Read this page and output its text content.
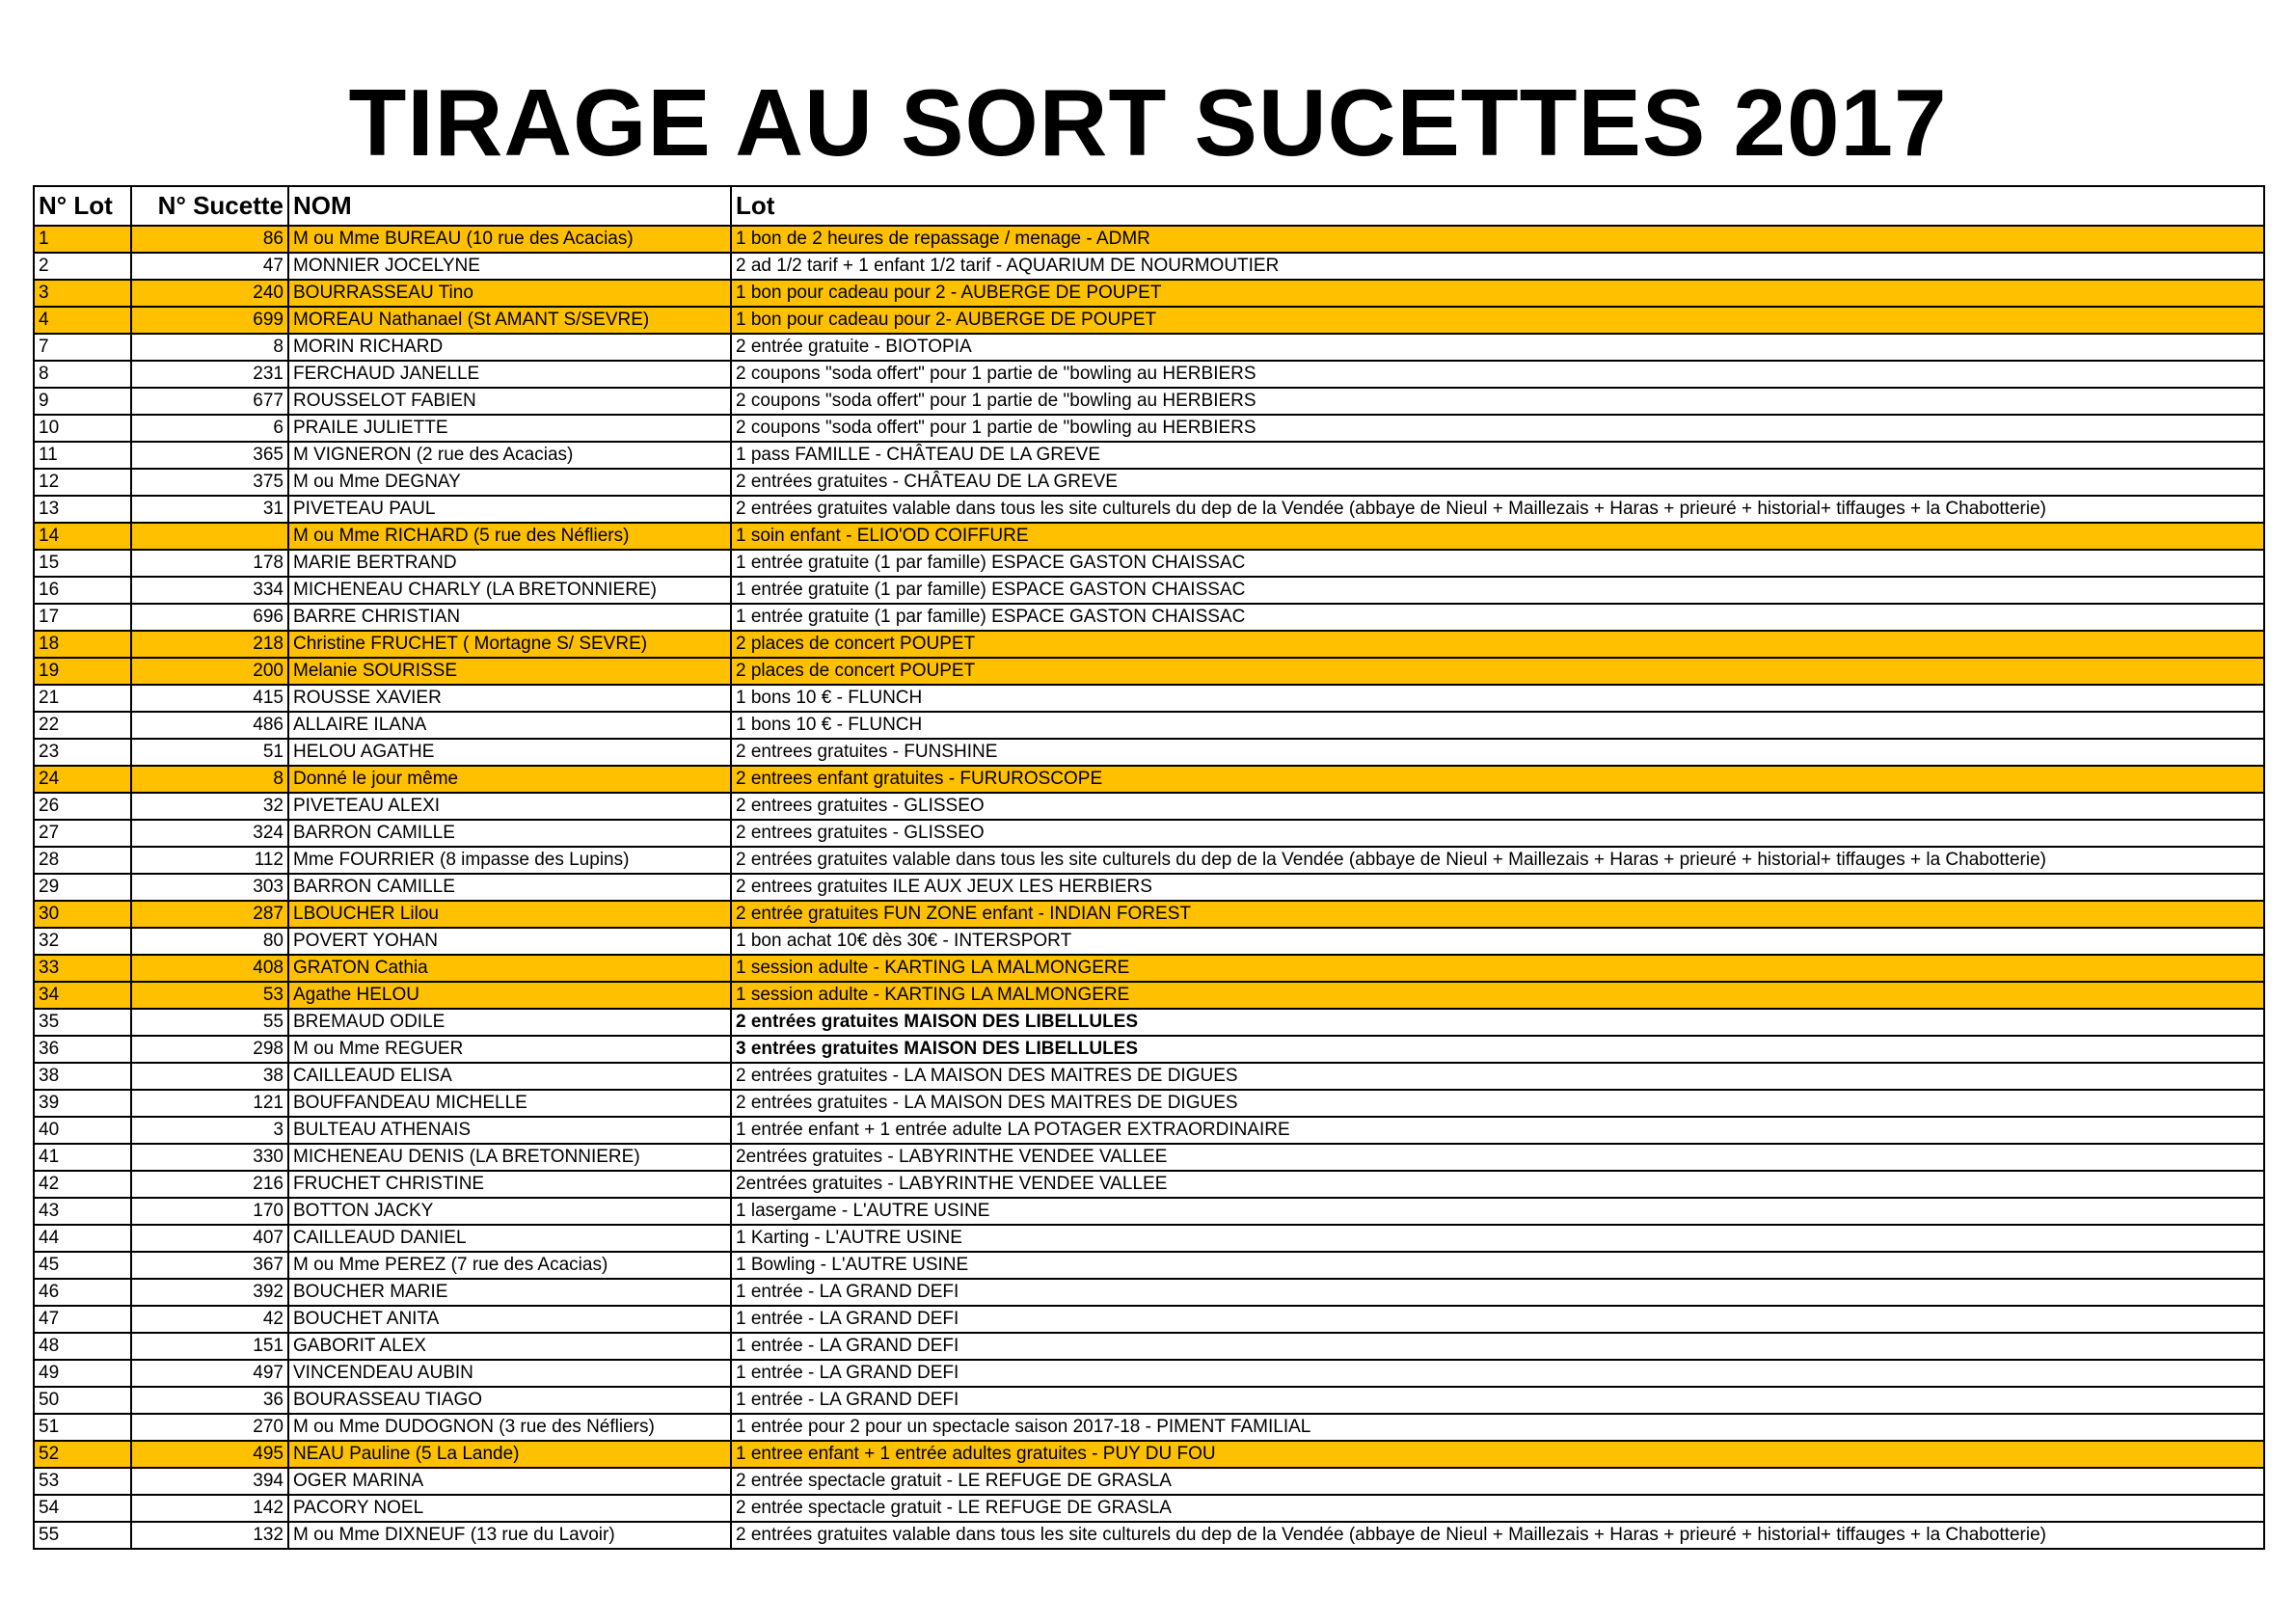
TIRAGE AU SORT SUCETTES 2017
N° Lot	N° Sucette	NOM	Lot
1	86	M ou Mme BUREAU (10 rue des Acacias)	1 bon de 2 heures de repassage / menage - ADMR
2	47	MONNIER JOCELYNE	2 ad 1/2 tarif + 1 enfant 1/2 tarif - AQUARIUM DE NOURMOUTIER
3	240	BOURRASSEAU Tino	1 bon pour cadeau pour 2 - AUBERGE DE POUPET
4	699	MOREAU Nathanael (St AMANT S/SEVRE)	1 bon pour cadeau pour 2- AUBERGE DE POUPET
7	8	MORIN RICHARD	2 entrée gratuite - BIOTOPIA
8	231	FERCHAUD JANELLE	2 coupons "soda offert" pour 1 partie de "bowling au HERBIERS
9	677	ROUSSELOT FABIEN	2 coupons "soda offert" pour 1 partie de "bowling au HERBIERS
10	6	PRAILE JULIETTE	2 coupons "soda offert" pour 1 partie de "bowling au HERBIERS
11	365	M VIGNERON (2 rue des Acacias)	1 pass FAMILLE - CHÂTEAU DE LA GREVE
12	375	M ou Mme DEGNAY	2 entrées gratuites - CHÂTEAU DE LA GREVE
13	31	PIVETEAU PAUL	2 entrées gratuites valable dans tous les site culturels du dep de la Vendée (abbaye de Nieul + Maillezais + Haras + prieuré + historial+ tiffauges + la Chabotterie)
14		M ou Mme RICHARD (5 rue des Néfliers)	1 soin enfant - ELIO'OD COIFFURE
15	178	MARIE BERTRAND	1 entrée gratuite (1 par famille) ESPACE GASTON CHAISSAC
16	334	MICHENEAU CHARLY (LA BRETONNIERE)	1 entrée gratuite (1 par famille) ESPACE GASTON CHAISSAC
17	696	BARRE CHRISTIAN	1 entrée gratuite (1 par famille) ESPACE GASTON CHAISSAC
18	218	Christine FRUCHET ( Mortagne S/ SEVRE)	2 places de concert POUPET
19	200	Melanie SOURISSE	2 places de concert POUPET
21	415	ROUSSE XAVIER	1 bons 10 € - FLUNCH
22	486	ALLAIRE ILANA	1 bons 10 € - FLUNCH
23	51	HELOU AGATHE	2 entrees gratuites - FUNSHINE
24	8	Donné le jour même	2 entrees enfant gratuites - FURUROSCOPE
26	32	PIVETEAU ALEXI	2 entrees gratuites - GLISSEO
27	324	BARRON CAMILLE	2 entrees gratuites - GLISSEO
28	112	Mme FOURRIER (8 impasse des Lupins)	2 entrées gratuites valable dans tous les site culturels du dep de la Vendée (abbaye de Nieul + Maillezais + Haras + prieuré + historial+ tiffauges + la Chabotterie)
29	303	BARRON CAMILLE	2 entrees gratuites ILE AUX JEUX LES HERBIERS
30	287	LBOUCHER Lilou	2 entrée gratuites FUN ZONE enfant - INDIAN FOREST
32	80	POVERT YOHAN	1 bon achat 10€ dès 30€ - INTERSPORT
33	408	GRATON Cathia	1 session adulte - KARTING LA MALMONGERE
34	53	Agathe HELOU	1 session adulte - KARTING LA MALMONGERE
35	55	BREMAUD ODILE	2 entrées gratuites MAISON DES LIBELLULES
36	298	M ou Mme REGUER	3 entrées gratuites MAISON DES LIBELLULES
38	38	CAILLEAUD ELISA	2 entrées gratuites - LA MAISON DES MAITRES DE DIGUES
39	121	BOUFFANDEAU MICHELLE	2 entrées gratuites - LA MAISON DES MAITRES DE DIGUES
40	3	BULTEAU ATHENAIS	1 entrée enfant + 1 entrée adulte LA POTAGER EXTRAORDINAIRE
41	330	MICHENEAU DENIS (LA BRETONNIERE)	2entrées gratuites - LABYRINTHE VENDEE VALLEE
42	216	FRUCHET CHRISTINE	2entrées gratuites - LABYRINTHE VENDEE VALLEE
43	170	BOTTON JACKY	1 lasergame - L'AUTRE USINE
44	407	CAILLEAUD DANIEL	1 Karting - L'AUTRE USINE
45	367	M ou Mme PEREZ (7 rue des Acacias)	1 Bowling - L'AUTRE USINE
46	392	BOUCHER MARIE	1 entrée - LA GRAND DEFI
47	42	BOUCHET ANITA	1 entrée - LA GRAND DEFI
48	151	GABORIT ALEX	1 entrée - LA GRAND DEFI
49	497	VINCENDEAU AUBIN	1 entrée - LA GRAND DEFI
50	36	BOURASSEAU TIAGO	1 entrée - LA GRAND DEFI
51	270	M ou Mme DUDOGNON (3 rue des Néfliers)	1 entrée pour 2 pour un spectacle saison 2017-18 - PIMENT FAMILIAL
52	495	NEAU Pauline (5 La Lande)	1 entree enfant + 1 entrée adultes gratuites - PUY DU FOU
53	394	OGER MARINA	2 entrée spectacle gratuit - LE REFUGE DE GRASLA
54	142	PACORY NOEL	2 entrée spectacle gratuit - LE REFUGE DE GRASLA
55	132	M ou Mme DIXNEUF (13 rue du Lavoir)	2 entrées gratuites valable dans tous les site culturels du dep de la Vendée (abbaye de Nieul + Maillezais + Haras + prieuré + historial+ tiffauges + la Chabotterie)
